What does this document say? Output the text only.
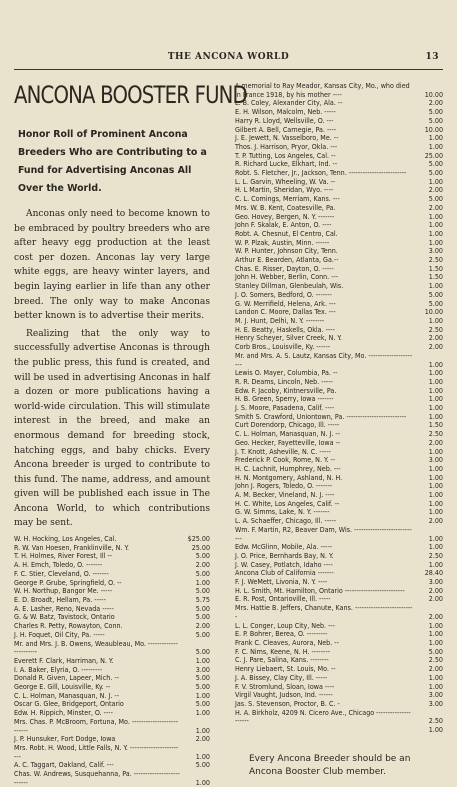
THE ANCONA WORLD	13
ANCONA BOOSTER FUND
Honor Roll of Prominent Ancona Breeders Who are Contributing to a Fund for Advertising Anconas All Over the World.

Anconas only need to become known to be embraced by poultry breeders who are after heavy egg production at the least cost per dozen. Anconas lay very large white eggs, are heavy winter layers, and begin laying earlier in life than any other breed. The only way to make Anconas better known is to advertise their merits.

Realizing that the only way to successfully advertise Anconas is through the public press, this fund is created, and will be used in advertising Anconas in half a dozen or more publications having a world-wide circulation. This will stimulate interest in the breed, and make an enormous demand for breeding stock, hatching eggs, and baby chicks. Every Ancona breeder is urged to contribute to this fund. The name, address, and amount given will be published each issue in The Ancona World, to which contributions may be sent.

W. H. Hocking, Los Angeles, Cal.	$25.00
R. W. Van Hoesen, Franklinville, N. Y.	25.00
T. H. Holmes, River Forest, Ill --	5.00
A. H. Emch, Toledo, O. -------	2.00
F. C. Stier, Cleveland, O. -------	5.00
George P. Grube, Springfield, O. --	1.00
W. H. Northup, Bangor Me. -----	5.00
E. D. Broadt, Hellam, Pa. -----	5.75
A. E. Lasher, Reno, Nevada -----	5.00
G. & W. Batz, Tavistock, Ontario	5.00
Charles R. Petty, Rowayton, Conn.	2.00
J. H. Foquet, Oil City, Pa. -----	5.00
Mr. and Mrs. J. B. Owens, Weaubleau, Mo. -----------------------	5.00
Everett F. Clark, Harriman, N. Y.	1.00
I. A. Baker, Elyria, O. ---------	3.00
Donald R. Given, Lapeer, Mich. --	5.00
George E. Gill, Louisville, Ky. --	5.00
C. L. Holman, Manasquan, N. J. --	1.00
Oscar G. Glee, Bridgeport, Ontario	5.00
Edw. H. Rippich, Minster, O. ----	1.00
Mrs. Chas. P. McBroom, Fortuna, Mo. --------------------------	1.00
J. P. Hunsuker, Fort Dodge, Iowa	2.00
Mrs. Robt. H. Wood, Little Falls, N. Y. ------------------------	1.00
A. C. Taggart, Oakland, Calif. ---	5.00
Chas. W. Andrews, Susquehanna, Pa. --------------------------	1.00
A memorial to Ray Meador, Kansas City, Mo., who died in France 1918, by his mother ----	10.00
L. B. Coley, Alexander City, Ala. --	2.00
E. H. Wilson, Malcolm, Neb. -----	5.00
Harry R. Lloyd, Wellsville, O. ---	5.00
Gilbert A. Bell, Carnegie, Pa. ----	10.00
J. E. Jewett, N. Vasselboro, Me. --	1.00
Thos. J. Harrison, Pryor, Okla. ---	1.00
T. P. Tutting, Los Angeles, Cal. --	25.00
R. Richard Lucke, Elkhart, Ind. --	5.00
Robt. S. Fletcher, Jr., Jackson, Tenn. -------------------------	5.00
L. L. Garvin, Wheeling, W. Va. --	1.00
H. L Martin, Sheridan, Wyo. ----	2.00
C. L. Comings, Merriam, Kans. ---	5.00
Mrs. W. B. Kent, Coatesville, Pa.	2.00
Geo. Hovey, Bergen, N. Y. -------	1.00
John F. Skalak, E. Anton, O. ----	1.00
Robt. A. Chesnut, El Centro, Cal.	1.00
W. P. Plzak, Austin, Minn. ------	1.00
W. P. Hunter, Johnson City, Tenn.	3.00
Arthur E. Bearden, Atlanta, Ga.--	2.50
Chas. E. Risser, Dayton, O. -----	1.50
John H. Webber, Berlin, Conn. ---	1.50
Stanley Dillman, Glenbeulah, Wis.	1.00
J. O. Somers, Bedford, O. -------	5.00
G. W. Merrifield, Helena, Ark. ---	5.00
Landon C. Moore, Dallas Tex. ---	10.00
M. J. Hunt, Delhi, N. Y. --------	1.00
H. E. Beatty, Haskells, Okla. ----	2.50
Henry Scheyer, Silver Creek, N. Y.	2.00
Corb Bros., Louisville, Ky. ------	2.00
Mr. and Mrs. A. S. Lautz, Kansas City, Mo. ----------------------	1.00
Lewis O. Mayer, Columbia, Pa. --	1.00
R. R. Deams, Lincoln, Neb. -----	1.00
Edw. F. Jacoby, Kintnersville, Pa.	1.00
H. B. Green, Sperry, Iowa -------	1.00
J. S. Moore, Pasadena, Calif. ----	1.00
Smith S. Crawford, Uniontown, Pa. --------------------------	1.00
Curt Dorendorp, Chicago, Ill. -----	1.50
C. L. Holman, Manasquan, N. J. --	2.50
Geo. Hecker, Fayetteville, Iowa --	2.00
J. T. Knott, Asheville, N. C. -----	1.00
Frederick P. Cook, Rome, N. Y. --	3.00
H. C. Lachnit, Humphrey, Neb. ---	1.00
H. N. Montgomery, Ashland, N. H.	1.00
John J. Rogers, Toledo, O. -------	1.00
A. M. Becker, Vineland, N. J. ----	1.00
H. C. White, Los Angeles, Calif. --	1.00
G. W. Simms, Lake, N. Y. -------	1.00
L. A. Schaeffer, Chicago, Ill. -----	2.00
Wm. F. Martin, R2, Beaver Dam, Wis. ----------------------------	1.00
Edw. McGlinn, Mobile, Ala. -----	1.00
J. O. Price, Bernhards Bay, N. Y.	2.50
J. W. Casey, Potlatch, Idaho ----	1.00
Ancona Club of California -------	28.40
F. J. WeMett, Livonia, N. Y. ----	3.00
H. L. Smith, Mt. Hamilton, Ontario --------------------------	2.00
E. R. Post, Ontarioville, Ill. -----	2.00
Mrs. Hattie B. Jeffers, Chanute, Kans. --------------------------	2.00
L. L. Conger, Loup City, Neb. ---	1.00
E. P. Bohrer, Berea, O. ---------	1.00
Frank C. Cleaves, Aurora, Neb. --	1.00
F. C. Nims, Keene, N. H. --------	5.00
C. J. Pare, Salina, Kans. --------	2.50
Henry Liebaert, St. Louis, Mo. --	2.00
J. A. Bissey, Clay City, Ill. -----	1.00
F. V. Stromlund, Sloan, Iowa ----	1.00
Virgil Vaught, Judson, Ind. ------	3.00
Jas. S. Stevenson, Proctor, B. C. -	3.00
H. A. Birkholz, 4209 N. Cicero Ave., Chicago ---------------------	2.50
1.00
Every Ancona Breeder should be an Ancona Booster Club member.
